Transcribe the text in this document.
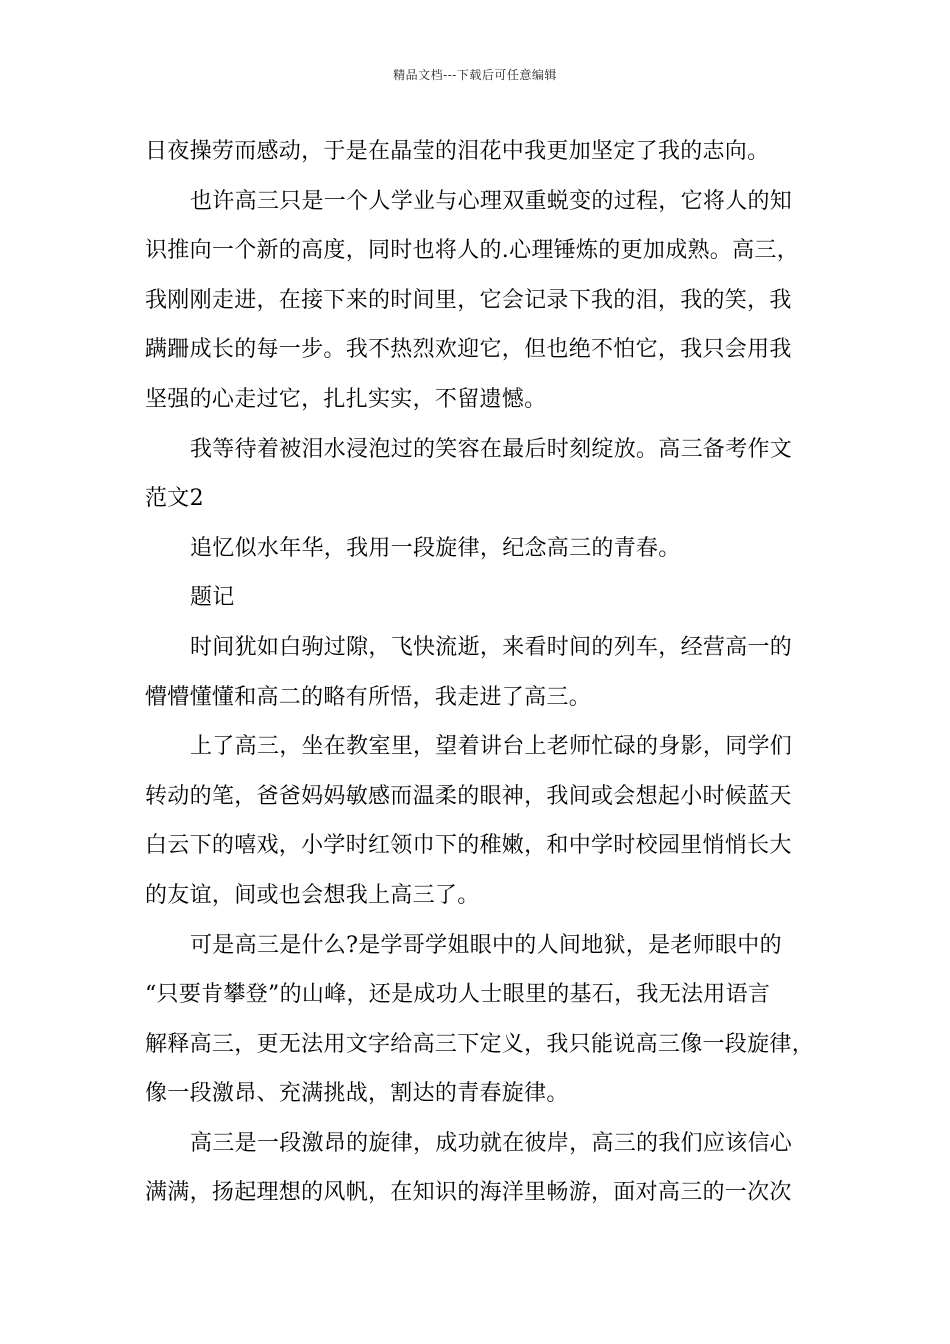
精品文档---下载后可任意编辑
日夜操劳而感动，于是在晶莹的泪花中我更加坚定了我的志向。
也许高三只是一个人学业与心理双重蜕变的过程，它将人的知
识推向一个新的高度，同时也将人的.心理锤炼的更加成熟。高三，
我刚刚走进，在接下来的时间里，它会记录下我的泪，我的笑，我
蹒跚成长的每一步。我不热烈欢迎它，但也绝不怕它，我只会用我
坚强的心走过它，扎扎实实，不留遗憾。
我等待着被泪水浸泡过的笑容在最后时刻绽放。高三备考作文
范文2
追忆似水年华，我用一段旋律，纪念高三的青春。
题记
时间犹如白驹过隙，飞快流逝，来看时间的列车，经营高一的
懵懵懂懂和高二的略有所悟，我走进了高三。
上了高三，坐在教室里，望着讲台上老师忙碌的身影，同学们
转动的笔，爸爸妈妈敏感而温柔的眼神，我间或会想起小时候蓝天
白云下的嘻戏，小学时红领巾下的稚嫩，和中学时校园里悄悄长大
的友谊，间或也会想我上高三了。
可是高三是什么?是学哥学姐眼中的人间地狱，是老师眼中的
“只要肯攀登”的山峰，还是成功人士眼里的基石，我无法用语言
解释高三，更无法用文字给高三下定义，我只能说高三像一段旋律，
像一段激昂、充满挑战，割达的青春旋律。
高三是一段激昂的旋律，成功就在彼岸，高三的我们应该信心
满满，扬起理想的风帆，在知识的海洋里畅游，面对高三的一次次
